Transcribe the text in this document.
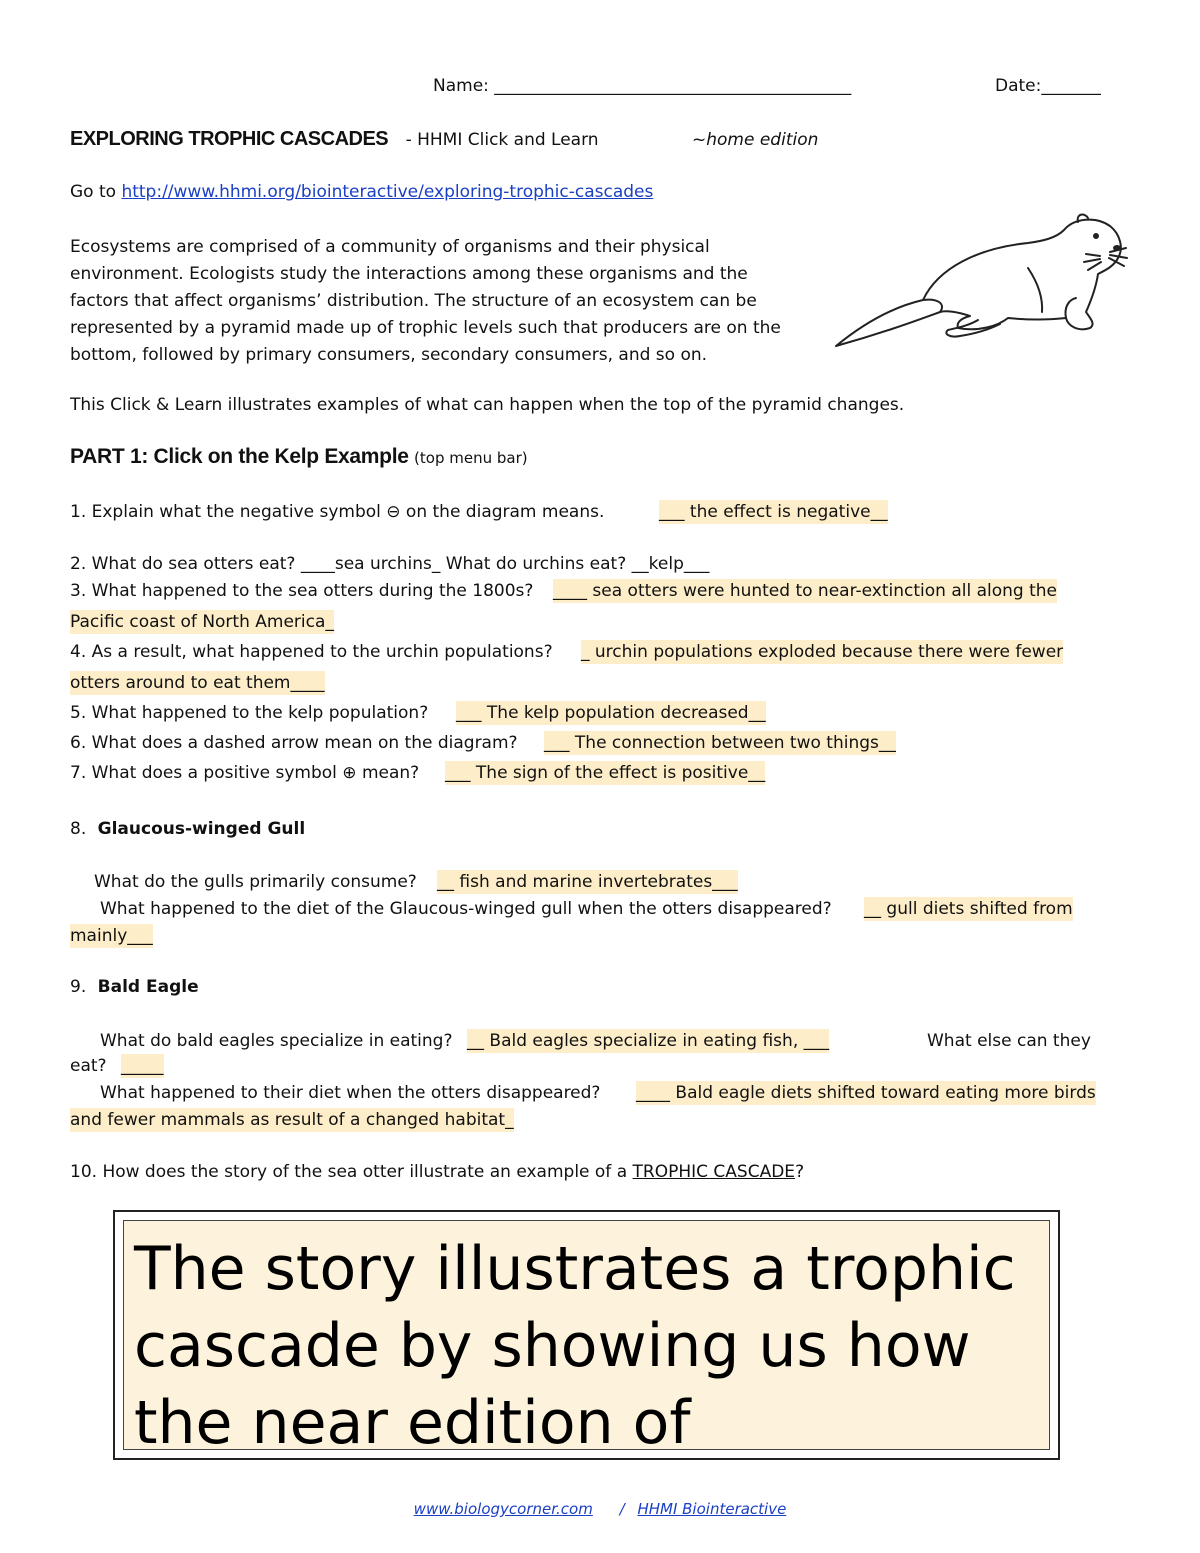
Name: __________________________________________	Date:_______
EXPLORING TROPHIC CASCADES - HHMI Click and Learn	~home edition
Go to http://www.hhmi.org/biointeractive/exploring-trophic-cascades
Ecosystems are comprised of a community of organisms and their physical
environment. Ecologists study the interactions among these organisms and the
factors that affect organisms’ distribution. The structure of an ecosystem can be
represented by a pyramid made up of trophic levels such that producers are on the
bottom, followed by primary consumers, secondary consumers, and so on.
This Click & Learn illustrates examples of what can happen when the top of the pyramid changes.
PART 1: Click on the Kelp Example (top menu bar)
1. Explain what the negative symbol ⊖ on the diagram means.	___ the effect is negative__
2. What do sea otters eat? ____sea urchins_ What do urchins eat? __kelp___
3. What happened to the sea otters during the 1800s? ____ sea otters were hunted to near-extinction all along the
Pacific coast of North America_
4. As a result, what happened to the urchin populations? _ urchin populations exploded because there were fewer
otters around to eat them____
5. What happened to the kelp population? ___ The kelp population decreased__
6. What does a dashed arrow mean on the diagram? ___ The connection between two things__
7. What does a positive symbol ⊕ mean? ___ The sign of the effect is positive__
8. Glaucous-winged Gull
What do the gulls primarily consume? __ fish and marine invertebrates___
What happened to the diet of the Glaucous-winged gull when the otters disappeared? __ gull diets shifted from
mainly___
9. Bald Eagle
What do bald eagles specialize in eating? __ Bald eagles specialize in eating fish, ___	What else can they
eat? _____
What happened to their diet when the otters disappeared? ____ Bald eagle diets shifted toward eating more birds
and fewer mammals as result of a changed habitat_
10. How does the story of the sea otter illustrate an example of a TROPHIC CASCADE?
The story illustrates a trophic cascade by showing us how the near edition of
www.biologycorner.com / HHMI Biointeractive
